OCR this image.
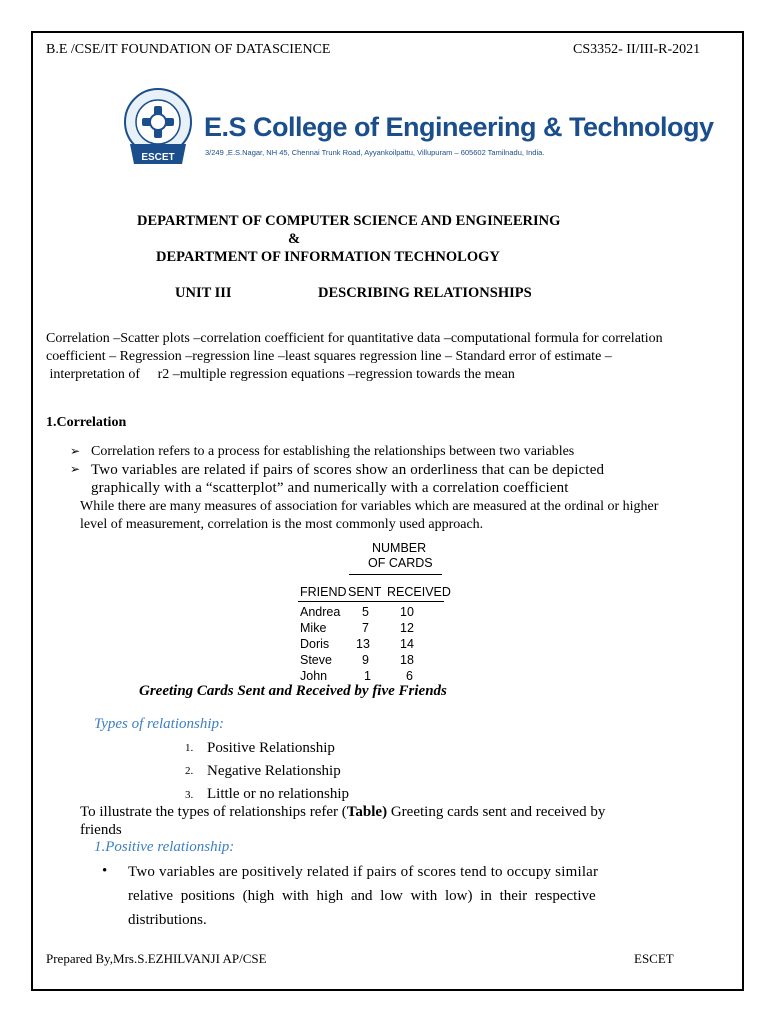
B.E /CSE/IT FOUNDATION OF DATASCIENCE	CS3352- II/III-R-2021
ESCET
E.S College of Engineering & Technology
3/249 ,E.S.Nagar, NH 45, Chennai Trunk Road, Ayyankoilpattu, Villupuram – 605602 Tamilnadu, India.
DEPARTMENT OF COMPUTER SCIENCE AND ENGINEERING
&
DEPARTMENT OF INFORMATION TECHNOLOGY
UNIT III	DESCRIBING RELATIONSHIPS
Correlation –Scatter plots –correlation coefficient for quantitative data –computational formula for correlation
coefficient – Regression –regression line –least squares regression line – Standard error of estimate –
interpretation of     r2 –multiple regression equations –regression towards the mean
1.Correlation
➢ Correlation refers to a process for establishing the relationships between two variables
➢ Two variables are related if pairs of scores show an orderliness that can be depicted
graphically with a “scatterplot” and numerically with a correlation coefficient
While there are many measures of association for variables which are measured at the ordinal or higher
level of measurement, correlation is the most commonly used approach.
NUMBER
OF CARDS
FRIEND SENT RECEIVED
Andrea 5 10
Mike	7 12
Doris 13 14
Steve 9 18
John	1	6
Greeting Cards Sent and Received by five Friends
Types of relationship:
1. Positive Relationship
2. Negative Relationship
3. Little or no relationship
To illustrate the types of relationships refer (Table) Greeting cards sent and received by
friends
1.Positive relationship:
• Two variables are positively related if pairs of scores tend to occupy similar
relative positions (high with high and low with low) in their respective
distributions.
Prepared By,Mrs.S.EZHILVANJI AP/CSE	ESCET
